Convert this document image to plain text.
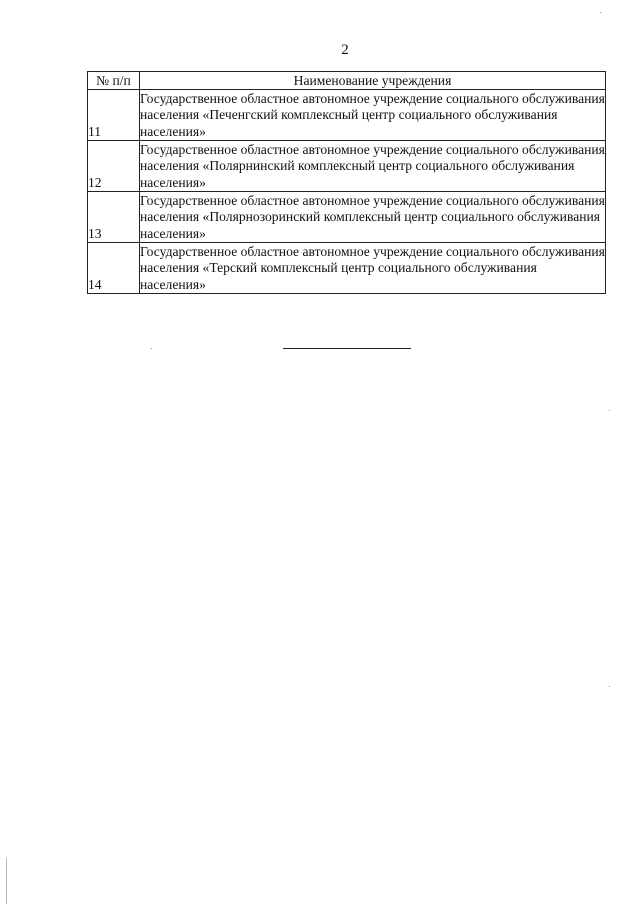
2
№ п/п	Наименование учреждения
11	Государственное областное автономное учреждение социального обслуживания населения «Печенгский комплексный центр социального обслуживания населения»
12	Государственное областное автономное учреждение социального обслуживания населения «Полярнинский комплексный центр социального обслуживания населения»
13	Государственное областное автономное учреждение социального обслуживания населения «Полярнозоринский комплексный центр социального обслуживания населения»
14	Государственное областное автономное учреждение социального обслуживания населения «Терский комплексный центр социального обслуживания населения»
